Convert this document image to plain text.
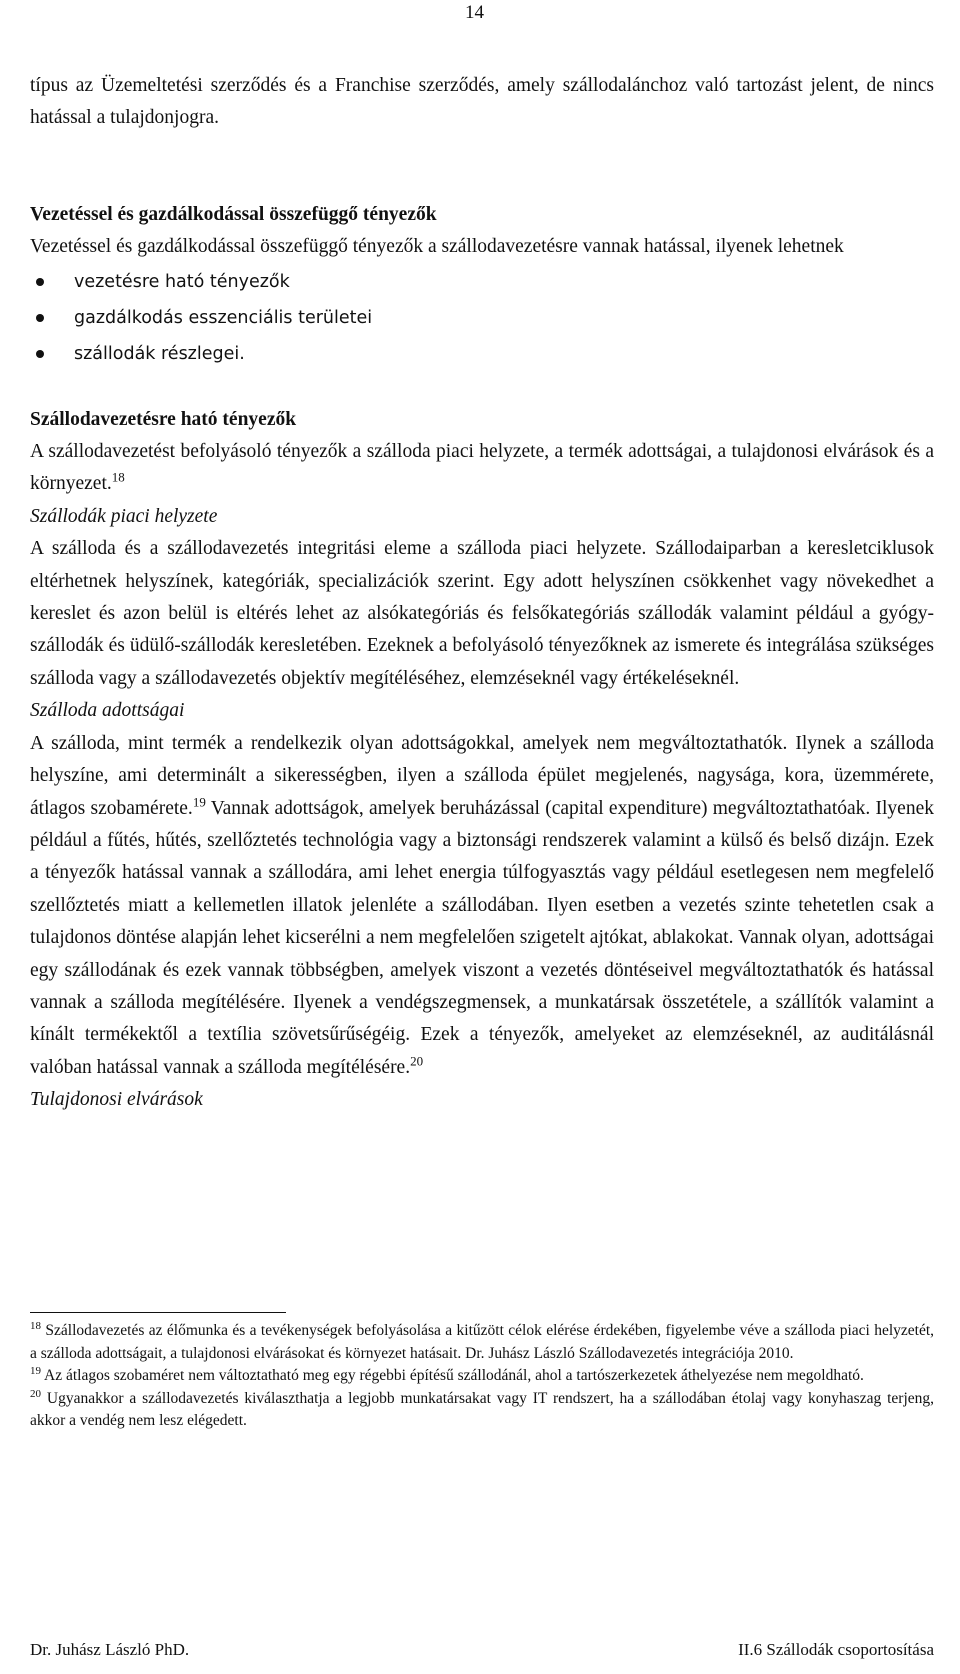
14

típus az Üzemeltetési szerződés és a Franchise szerződés, amely szállodalánchoz való tartozást jelent, de nincs hatással a tulajdonjogra.

Vezetéssel és gazdálkodással összefüggő tényezők

Vezetéssel és gazdálkodással összefüggő tényezők a szállodavezetésre vannak hatással, ilyenek lehetnek

vezetésre ható tényezők
gazdálkodás esszenciális területei
szállodák részlegei.
Szállodavezetésre ható tényezők

A szállodavezetést befolyásoló tényezők a szálloda piaci helyzete, a termék adottságai, a tulajdonosi elvárások és a környezet.$^{18}$

Szállodák piaci helyzete

A szálloda és a szállodavezetés integritási eleme a szálloda piaci helyzete. Szállodaiparban a keresletciklusok eltérhetnek helyszínek, kategóriák, specializációk szerint. Egy adott helyszínen csökkenhet vagy növekedhet a kereslet és azon belül is eltérés lehet az alsókategóriás és felsőkategóriás szállodák valamint például a gyógy-szállodák és üdülő-szállodák keresletében. Ezeknek a befolyásoló tényezőknek az ismerete és integrálása szükséges szálloda vagy a szállodavezetés objektív megítéléséhez, elemzéseknél vagy értékeléseknél.

Szálloda adottságai

A szálloda, mint termék a rendelkezik olyan adottságokkal, amelyek nem megváltoztathatók. Ilynek a szálloda helyszíne, ami determinált a sikerességben, ilyen a szálloda épület megjelenés, nagysága, kora, üzemmérete, átlagos szobamérete.$^{19}$ Vannak adottságok, amelyek beruházással (capital expenditure) megváltoztathatóak. Ilyenek például a fűtés, hűtés, szellőztetés technológia vagy a biztonsági rendszerek valamint a külső és belső dizájn. Ezek a tényezők hatással vannak a szállodára, ami lehet energia túlfogyasztás vagy például esetlegesen nem megfelelő szellőztetés miatt a kellemetlen illatok jelenléte a szállodában. Ilyen esetben a vezetés szinte tehetetlen csak a tulajdonos döntése alapján lehet kicserélni a nem megfelelően szigetelt ajtókat, ablakokat. Vannak olyan, adottságai egy szállodának és ezek vannak többségben, amelyek viszont a vezetés döntéseivel megváltoztathatók és hatással vannak a szálloda megítélésére. Ilyenek a vendégszegmensek, a munkatársak összetétele, a szállítók valamint a kínált termékektől a textília szövetsűrűségéig. Ezek a tényezők, amelyeket az elemzéseknél, az auditálásnál valóban hatással vannak a szálloda megítélésére.$^{20}$

Tulajdonosi elvárások

$^{18}$ Szállodavezetés az élőmunka és a tevékenységek befolyásolása a kitűzött célok elérése érdekében, figyelembe véve a szálloda piaci helyzetét, a szálloda adottságait, a tulajdonosi elvárásokat és környezet hatásait. Dr. Juhász László Szállodavezetés integrációja 2010.

$^{19}$ Az átlagos szobaméret nem változtatható meg egy régebbi építésű szállodánál, ahol a tartószerkezetek áthelyezése nem megoldható.

$^{20}$ Ugyanakkor a szállodavezetés kiválaszthatja a legjobb munkatársakat vagy IT rendszert, ha a szállodában étolaj vagy konyhaszag terjeng, akkor a vendég nem lesz elégedett.

Dr. Juhász László PhD.	II.6 Szállodák csoportosítása
